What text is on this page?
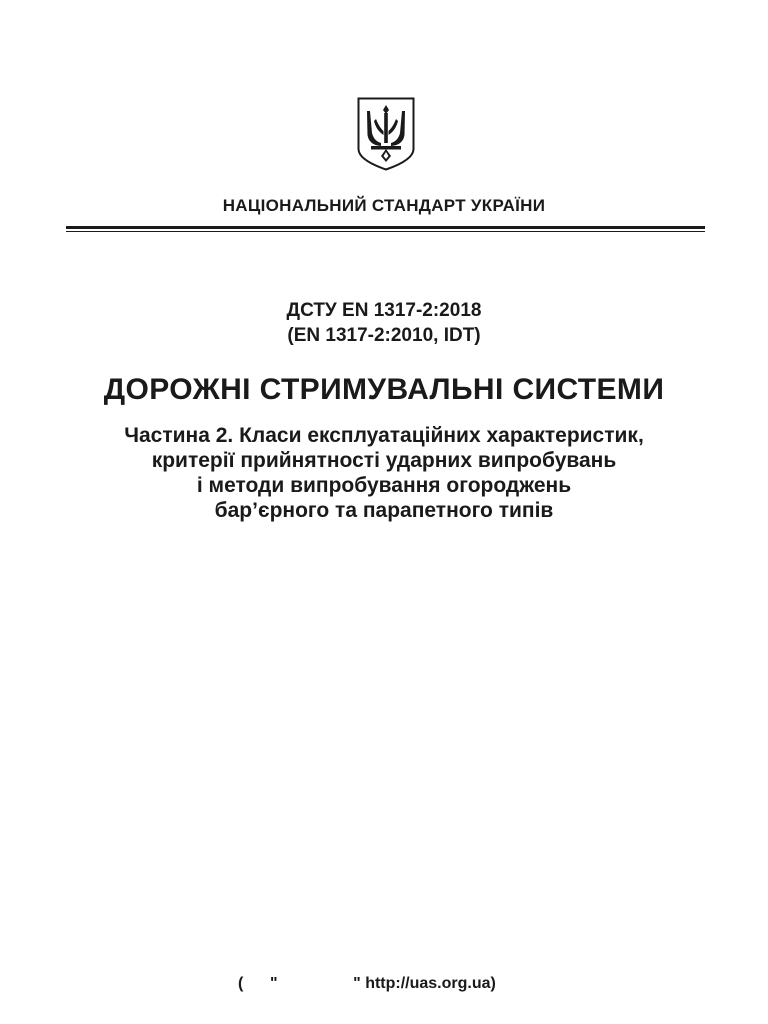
НАЦІОНАЛЬНИЙ СТАНДАРТ УКРАЇНИ
ДСТУ EN 1317-2:2018
(EN 1317-2:2010, IDT)
ДОРОЖНІ СТРИМУВАЛЬНІ СИСТЕМИ
Частина 2. Класи експлуатаційних характеристик,
критерії прийнятності ударних випробувань
і методи випробування огороджень
бар’єрного та парапетного типів
(      "                 " http://uas.org.ua)
